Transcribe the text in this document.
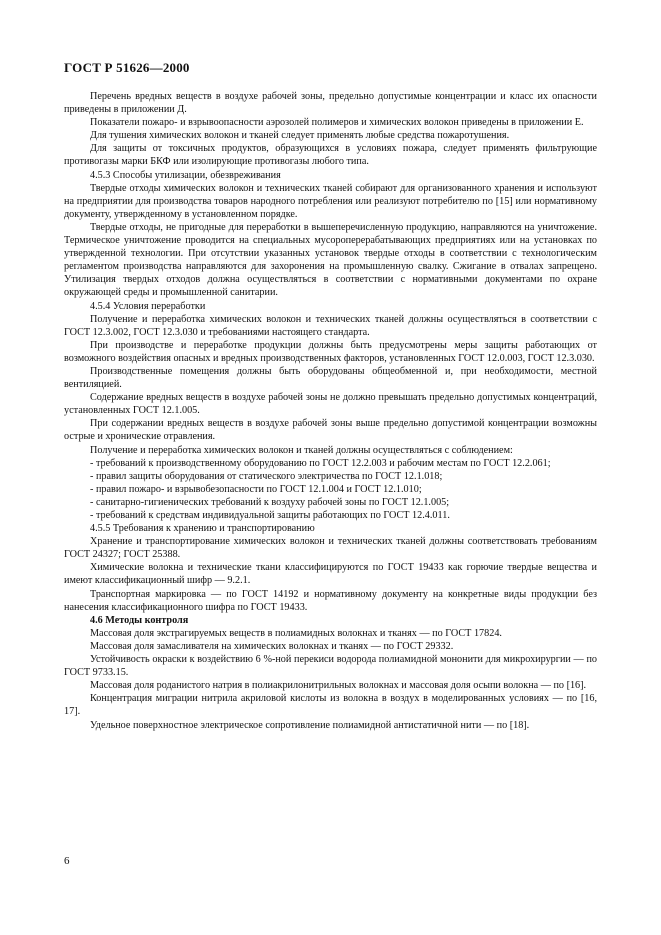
ГОСТ Р 51626—2000

Перечень вредных веществ в воздухе рабочей зоны, предельно допустимые концентрации и класс их опасности приведены в приложении Д.

Показатели пожаро- и взрывоопасности аэрозолей полимеров и химических волокон приведены в приложении Е.

Для тушения химических волокон и тканей следует применять любые средства пожаротушения.

Для защиты от токсичных продуктов, образующихся в условиях пожара, следует применять фильтрующие противогазы марки БКФ или изолирующие противогазы любого типа.

4.5.3 Способы утилизации, обезвреживания

Твердые отходы химических волокон и технических тканей собирают для организованного хранения и используют на предприятии для производства товаров народного потребления или реализуют потребителю по [15] или нормативному документу, утвержденному в установленном порядке.

Твердые отходы, не пригодные для переработки в вышеперечисленную продукцию, направляются на уничтожение. Термическое уничтожение проводится на специальных мусороперерабатывающих предприятиях или на установках по утвержденной технологии. При отсутствии указанных установок твердые отходы в соответствии с технологическим регламентом производства направляются для захоронения на промышленную свалку. Сжигание в отвалах запрещено. Утилизация твердых отходов должна осуществляться в соответствии с нормативными документами по охране окружающей среды и промышленной санитарии.

4.5.4 Условия переработки

Получение и переработка химических волокон и технических тканей должны осуществляться в соответствии с ГОСТ 12.3.002, ГОСТ 12.3.030 и требованиями настоящего стандарта.

При производстве и переработке продукции должны быть предусмотрены меры защиты работающих от возможного воздействия опасных и вредных производственных факторов, установленных ГОСТ 12.0.003, ГОСТ 12.3.030.

Производственные помещения должны быть оборудованы общеобменной и, при необходимости, местной вентиляцией.

Содержание вредных веществ в воздухе рабочей зоны не должно превышать предельно допустимых концентраций, установленных ГОСТ 12.1.005.

При содержании вредных веществ в воздухе рабочей зоны выше предельно допустимой концентрации возможны острые и хронические отравления.

Получение и переработка химических волокон и тканей должны осуществляться с соблюдением:

- требований к производственному оборудованию по ГОСТ 12.2.003 и рабочим местам по ГОСТ 12.2.061;

- правил защиты оборудования от статического электричества по ГОСТ 12.1.018;

- правил пожаро- и взрывобезопасности по ГОСТ 12.1.004 и ГОСТ 12.1.010;

- санитарно-гигиенических требований к воздуху рабочей зоны по ГОСТ 12.1.005;

- требований к средствам индивидуальной защиты работающих по ГОСТ 12.4.011.

4.5.5 Требования к хранению и транспортированию

Хранение и транспортирование химических волокон и технических тканей должны соответствовать требованиям ГОСТ 24327; ГОСТ 25388.

Химические волокна и технические ткани классифицируются по ГОСТ 19433 как горючие твердые вещества и имеют классификационный шифр — 9.2.1.

Транспортная маркировка — по ГОСТ 14192 и нормативному документу на конкретные виды продукции без нанесения классификационного шифра по ГОСТ 19433.

4.6 Методы контроля

Массовая доля экстрагируемых веществ в полиамидных волокнах и тканях — по ГОСТ 17824.

Массовая доля замасливателя на химических волокнах и тканях — по ГОСТ 29332.

Устойчивость окраски к воздействию 6 %-ной перекиси водорода полиамидной мононити для микрохирургии — по ГОСТ 9733.15.

Массовая доля роданистого натрия в полиакрилонитрильных волокнах и массовая доля осыпи волокна — по [16].

Концентрация миграции нитрила акриловой кислоты из волокна в воздух в моделированных условиях — по [16, 17].

Удельное поверхностное электрическое сопротивление полиамидной антистатичной нити — по [18].

6
